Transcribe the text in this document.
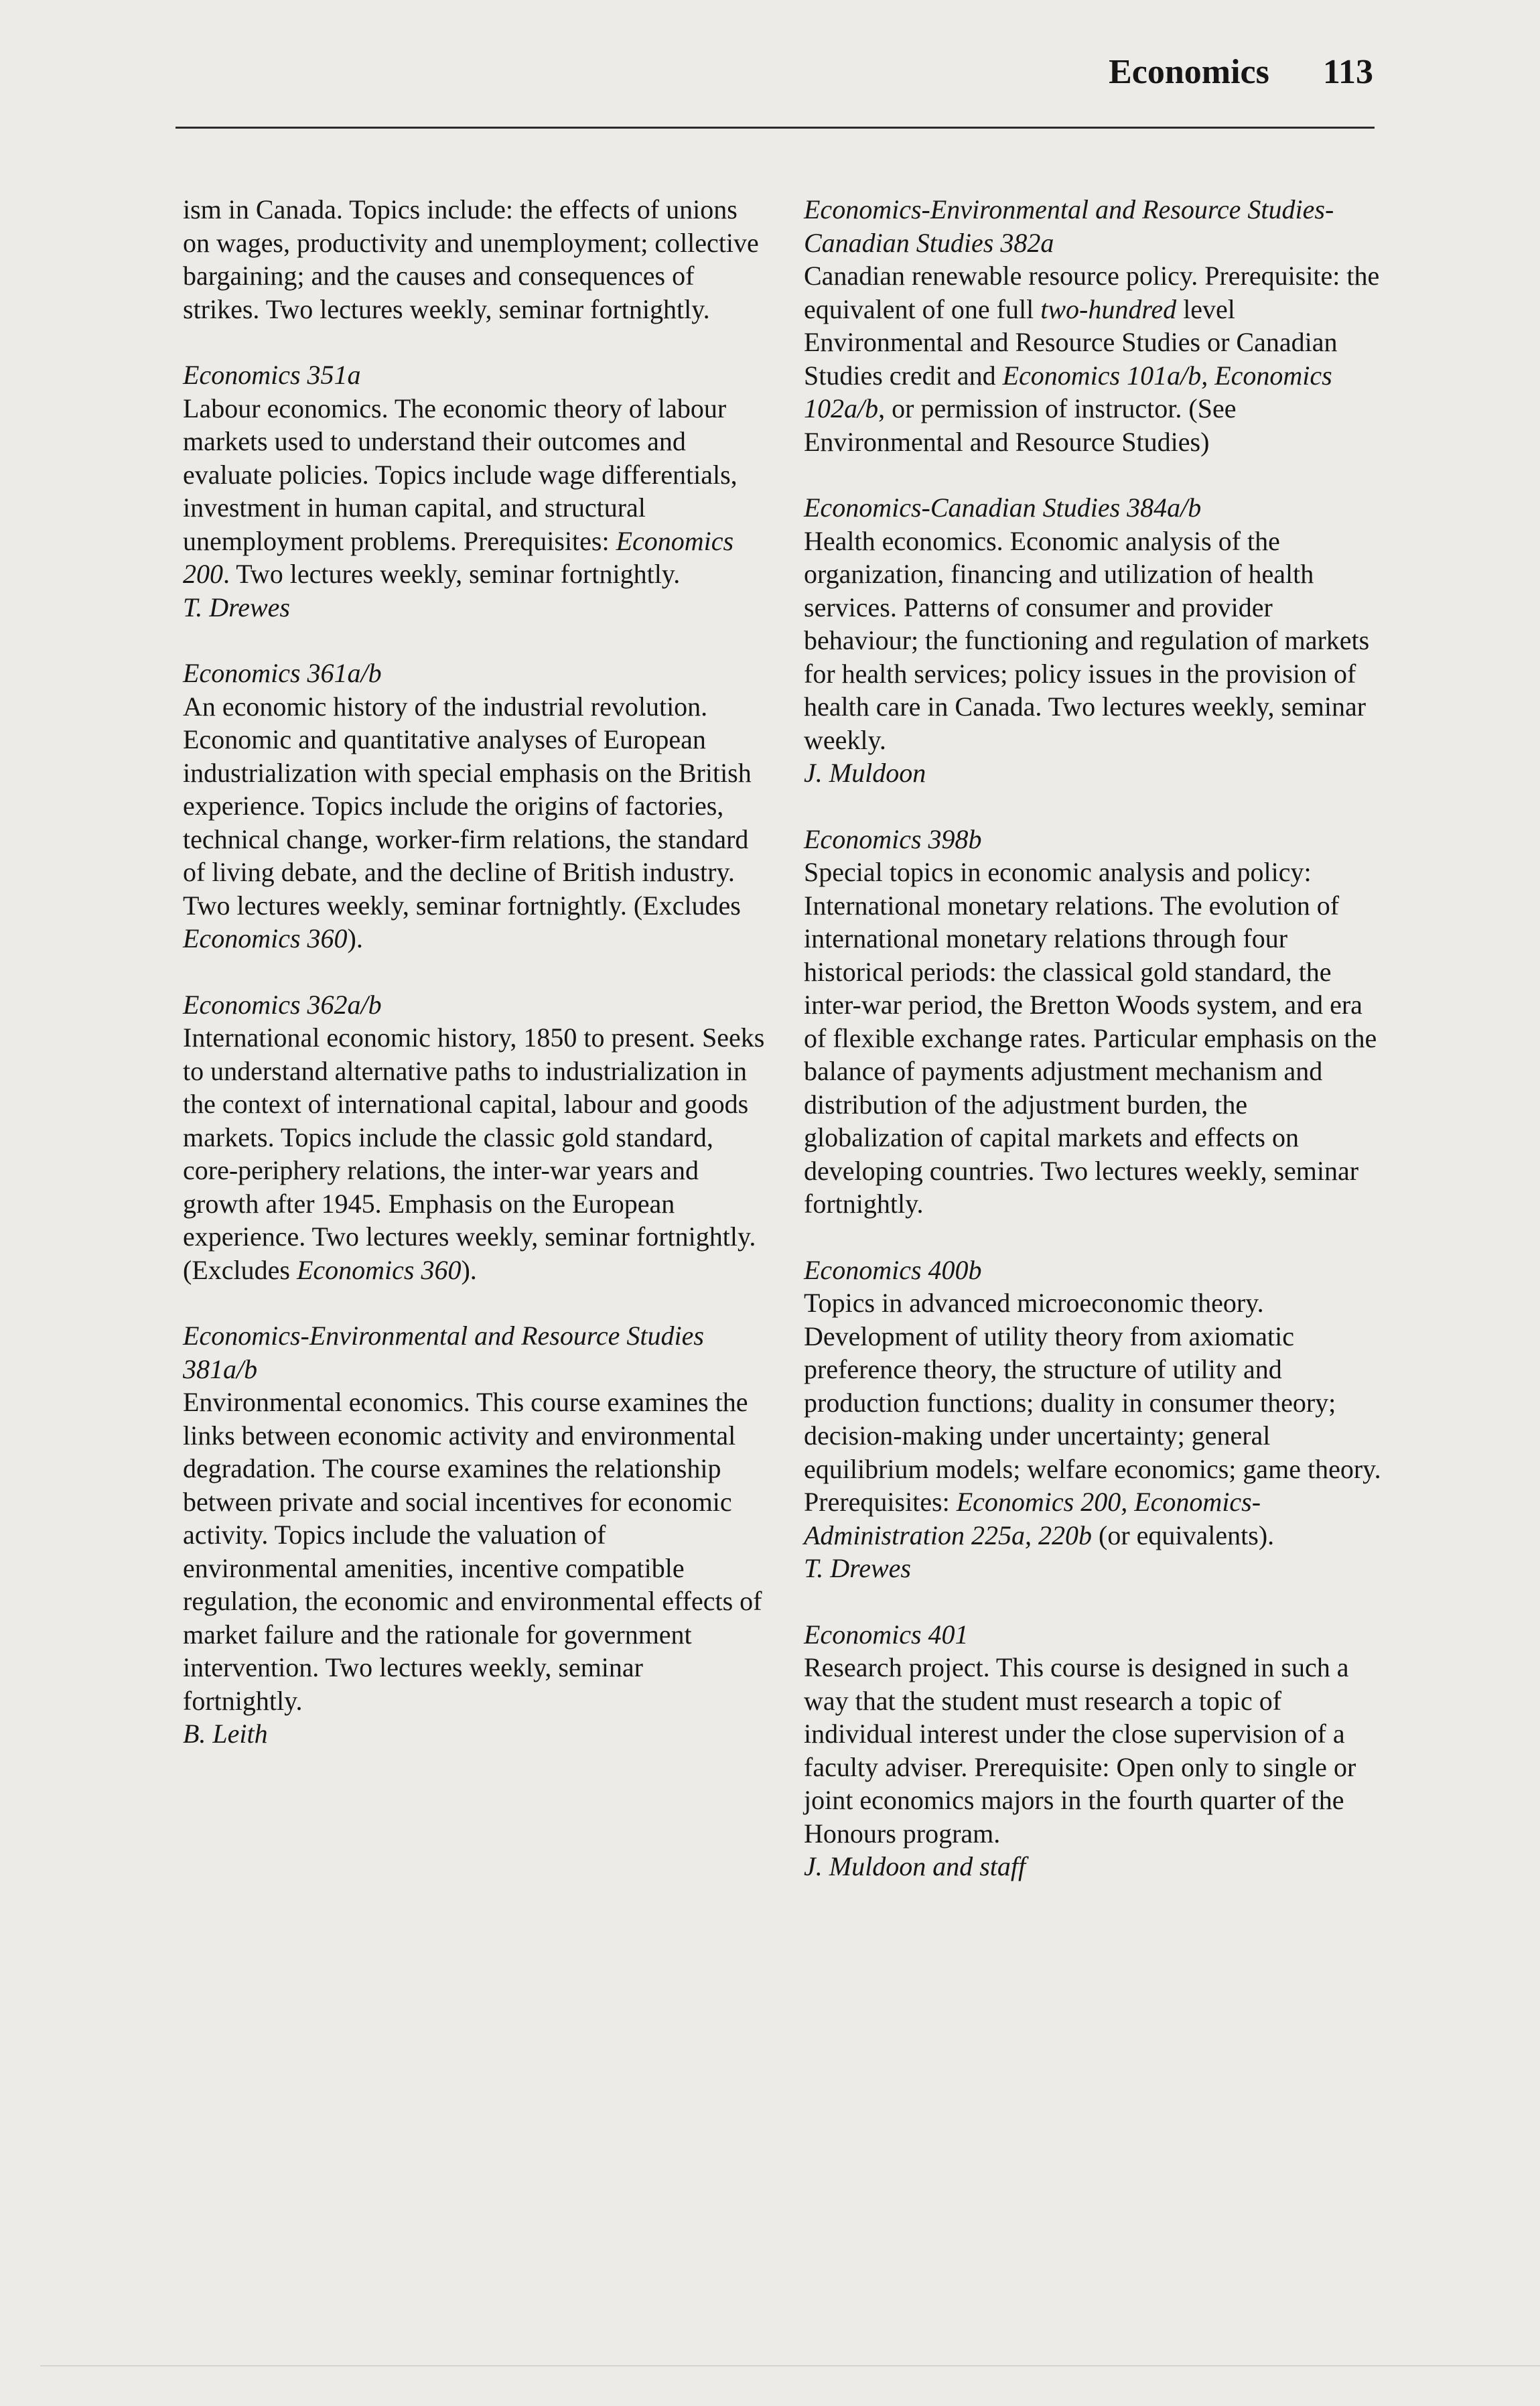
Economics 113

ism in Canada. Topics include: the effects of unions on wages, productivity and unemployment; collective bargaining; and the causes and consequences of strikes. Two lectures weekly, seminar fortnightly.

Economics 351a

Labour economics. The economic theory of labour markets used to understand their outcomes and evaluate policies. Topics include wage differentials, investment in human capital, and structural unemployment problems. Prerequisites: Economics 200. Two lectures weekly, seminar fortnightly.

T. Drewes

Economics 361a/b

An economic history of the industrial revolution. Economic and quantitative analyses of European industrialization with special emphasis on the British experience. Topics include the origins of factories, technical change, worker-firm relations, the standard of living debate, and the decline of British industry. Two lectures weekly, seminar fortnightly. (Excludes Economics 360).

Economics 362a/b

International economic history, 1850 to present. Seeks to understand alternative paths to industrialization in the context of international capital, labour and goods markets. Topics include the classic gold standard, core-periphery relations, the inter-war years and growth after 1945. Emphasis on the European experience. Two lectures weekly, seminar fortnightly. (Excludes Economics 360).

Economics-Environmental and Resource Studies 381a/b

Environmental economics. This course examines the links between economic activity and environmental degradation. The course examines the relationship between private and social incentives for economic activity. Topics include the valuation of environmental amenities, incentive compatible regulation, the economic and environmental effects of market failure and the rationale for government intervention. Two lectures weekly, seminar fortnightly.

B. Leith

Economics-Environmental and Resource Studies-Canadian Studies 382a

Canadian renewable resource policy. Prerequisite: the equivalent of one full two-hundred level Environmental and Resource Studies or Canadian Studies credit and Economics 101a/b, Economics 102a/b, or permission of instructor. (See Environmental and Resource Studies)

Economics-Canadian Studies 384a/b

Health economics. Economic analysis of the organization, financing and utilization of health services. Patterns of consumer and provider behaviour; the functioning and regulation of markets for health services; policy issues in the provision of health care in Canada. Two lectures weekly, seminar weekly.

J. Muldoon

Economics 398b

Special topics in economic analysis and policy: International monetary relations. The evolution of international monetary relations through four historical periods: the classical gold standard, the inter-war period, the Bretton Woods system, and era of flexible exchange rates. Particular emphasis on the balance of payments adjustment mechanism and distribution of the adjustment burden, the globalization of capital markets and effects on developing countries. Two lectures weekly, seminar fortnightly.

Economics 400b

Topics in advanced microeconomic theory. Development of utility theory from axiomatic preference theory, the structure of utility and production functions; duality in consumer theory; decision-making under uncertainty; general equilibrium models; welfare economics; game theory. Prerequisites: Economics 200, Economics-Administration 225a, 220b (or equivalents).

T. Drewes

Economics 401

Research project. This course is designed in such a way that the student must research a topic of individual interest under the close supervision of a faculty adviser. Prerequisite: Open only to single or joint economics majors in the fourth quarter of the Honours program.

J. Muldoon and staff
